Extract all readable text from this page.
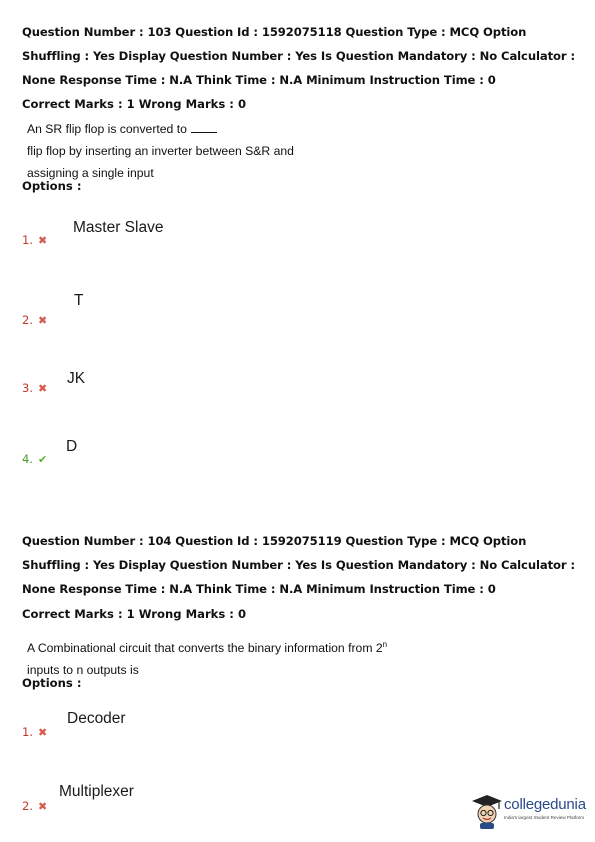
Question Number : 103 Question Id : 1592075118 Question Type : MCQ Option Shuffling : Yes Display Question Number : Yes Is Question Mandatory : No Calculator : None Response Time : N.A Think Time : N.A Minimum Instruction Time : 0
Correct Marks : 1 Wrong Marks : 0
An SR flip flop is converted toflip flop by inserting an inverter between S&R and
assigning a single input
Options :
1. ✖
Master Slave
2. ✖
T
3. ✖
JK
4. ✔
D
Question Number : 104 Question Id : 1592075119 Question Type : MCQ Option Shuffling : Yes Display Question Number : Yes Is Question Mandatory : No Calculator : None Response Time : N.A Think Time : N.A Minimum Instruction Time : 0
Correct Marks : 1 Wrong Marks : 0
A Combinational circuit that converts the binary information from 2$^n$ inputs to n outputs is
Options :
1. ✖
Decoder
2. ✖
Multiplexer
collegedunia
India's largest Student Review Platform
